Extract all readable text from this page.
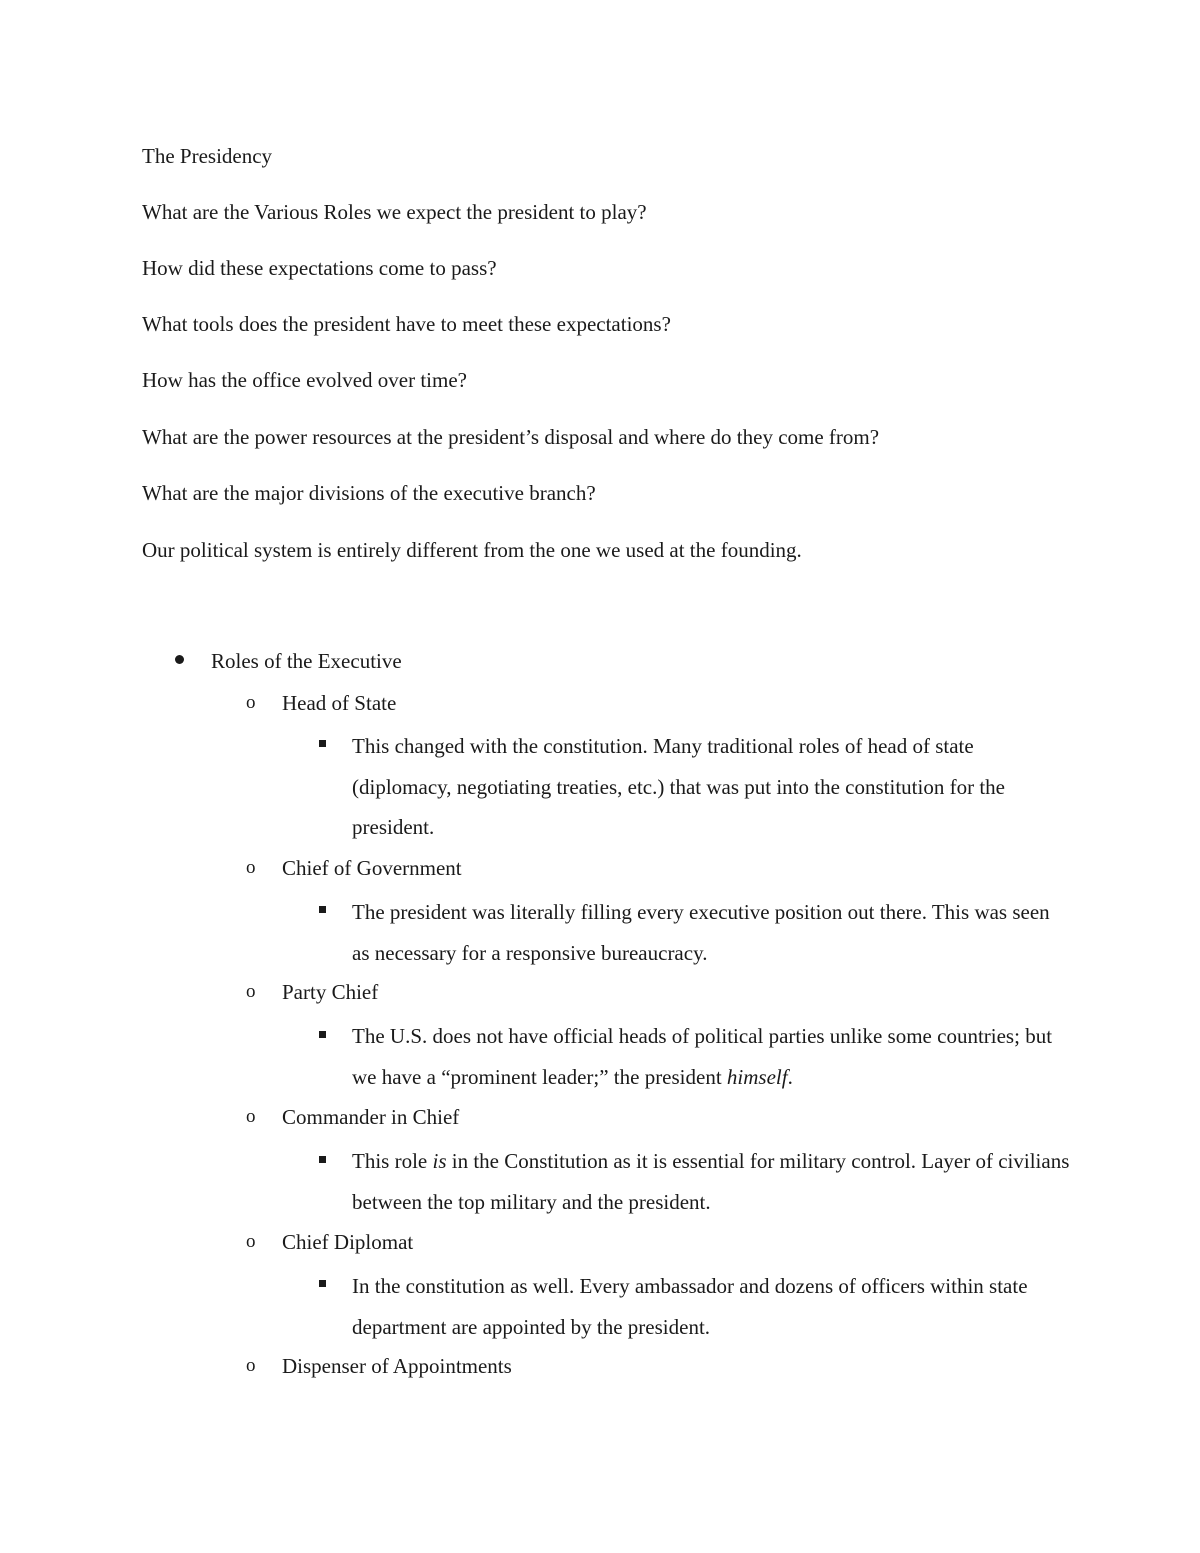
The Presidency
What are the Various Roles we expect the president to play?
How did these expectations come to pass?
What tools does the president have to meet these expectations?
How has the office evolved over time?
What are the power resources at the president’s disposal and where do they come from?
What are the major divisions of the executive branch?
Our political system is entirely different from the one we used at the founding.
Roles of the Executive
o Head of State
This changed with the constitution. Many traditional roles of head of state (diplomacy, negotiating treaties, etc.) that was put into the constitution for the president.
o Chief of Government
The president was literally filling every executive position out there. This was seen as necessary for a responsive bureaucracy.
o Party Chief
The U.S. does not have official heads of political parties unlike some countries; but we have a “prominent leader;” the president himself.
o Commander in Chief
This role is in the Constitution as it is essential for military control. Layer of civilians between the top military and the president.
o Chief Diplomat
In the constitution as well. Every ambassador and dozens of officers within state department are appointed by the president.
o Dispenser of Appointments
